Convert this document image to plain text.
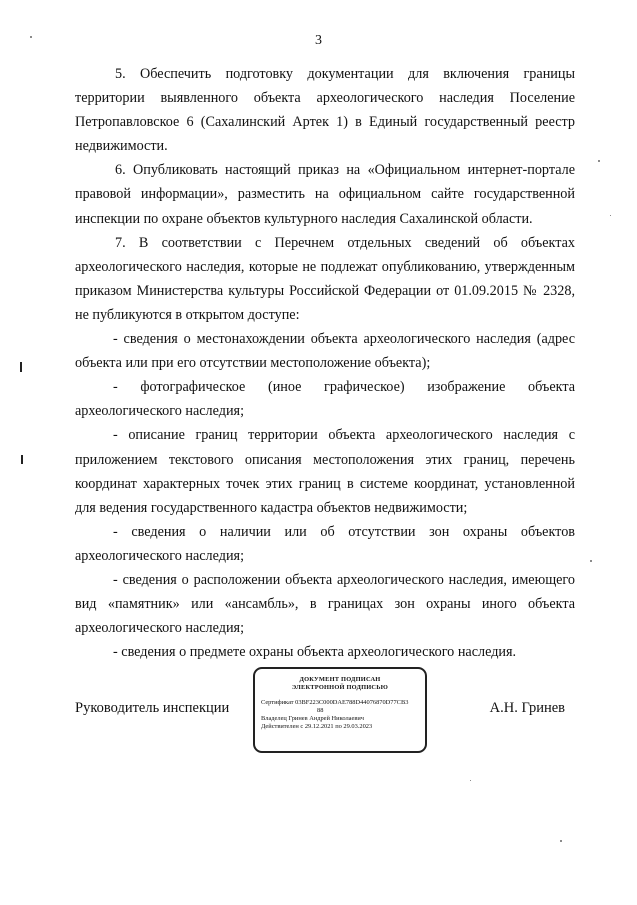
3

5. Обеспечить подготовку документации для включения границы территории выявленного объекта археологического наследия Поселение Петропавловское 6 (Сахалинский Артек 1) в Единый государственный реестр недвижимости.

6. Опубликовать настоящий приказ на «Официальном интернет-портале правовой информации», разместить на официальном сайте государственной инспекции по охране объектов культурного наследия Сахалинской области.

7. В соответствии с Перечнем отдельных сведений об объектах археологического наследия, которые не подлежат опубликованию, утвержденным приказом Министерства культуры Российской Федерации от 01.09.2015 № 2328, не публикуются в открытом доступе:

- сведения о местонахождении объекта археологического наследия (адрес объекта или при его отсутствии местоположение объекта);

- фотографическое (иное графическое) изображение объекта археологического наследия;

- описание границ территории объекта археологического наследия с приложением текстового описания местоположения этих границ, перечень координат характерных точек этих границ в системе координат, установленной для ведения государственного кадастра объектов недвижимости;

- сведения о наличии или об отсутствии зон охраны объектов археологического наследия;

- сведения о расположении объекта археологического наследия, имеющего вид «памятник» или «ансамбль», в границах зон охраны иного объекта археологического наследия;

- сведения о предмете охраны объекта археологического наследия.

Руководитель инспекции	А.Н. Гринев
ДОКУМЕНТ ПОДПИСАН
ЭЛЕКТРОННОЙ ПОДПИСЬЮ
Сертификат 03BF223C000DAE788D44076870D77CB3
88
Владелец Гринев Андрей Николаевич
Действителен с 29.12.2021 по 29.03.2023
